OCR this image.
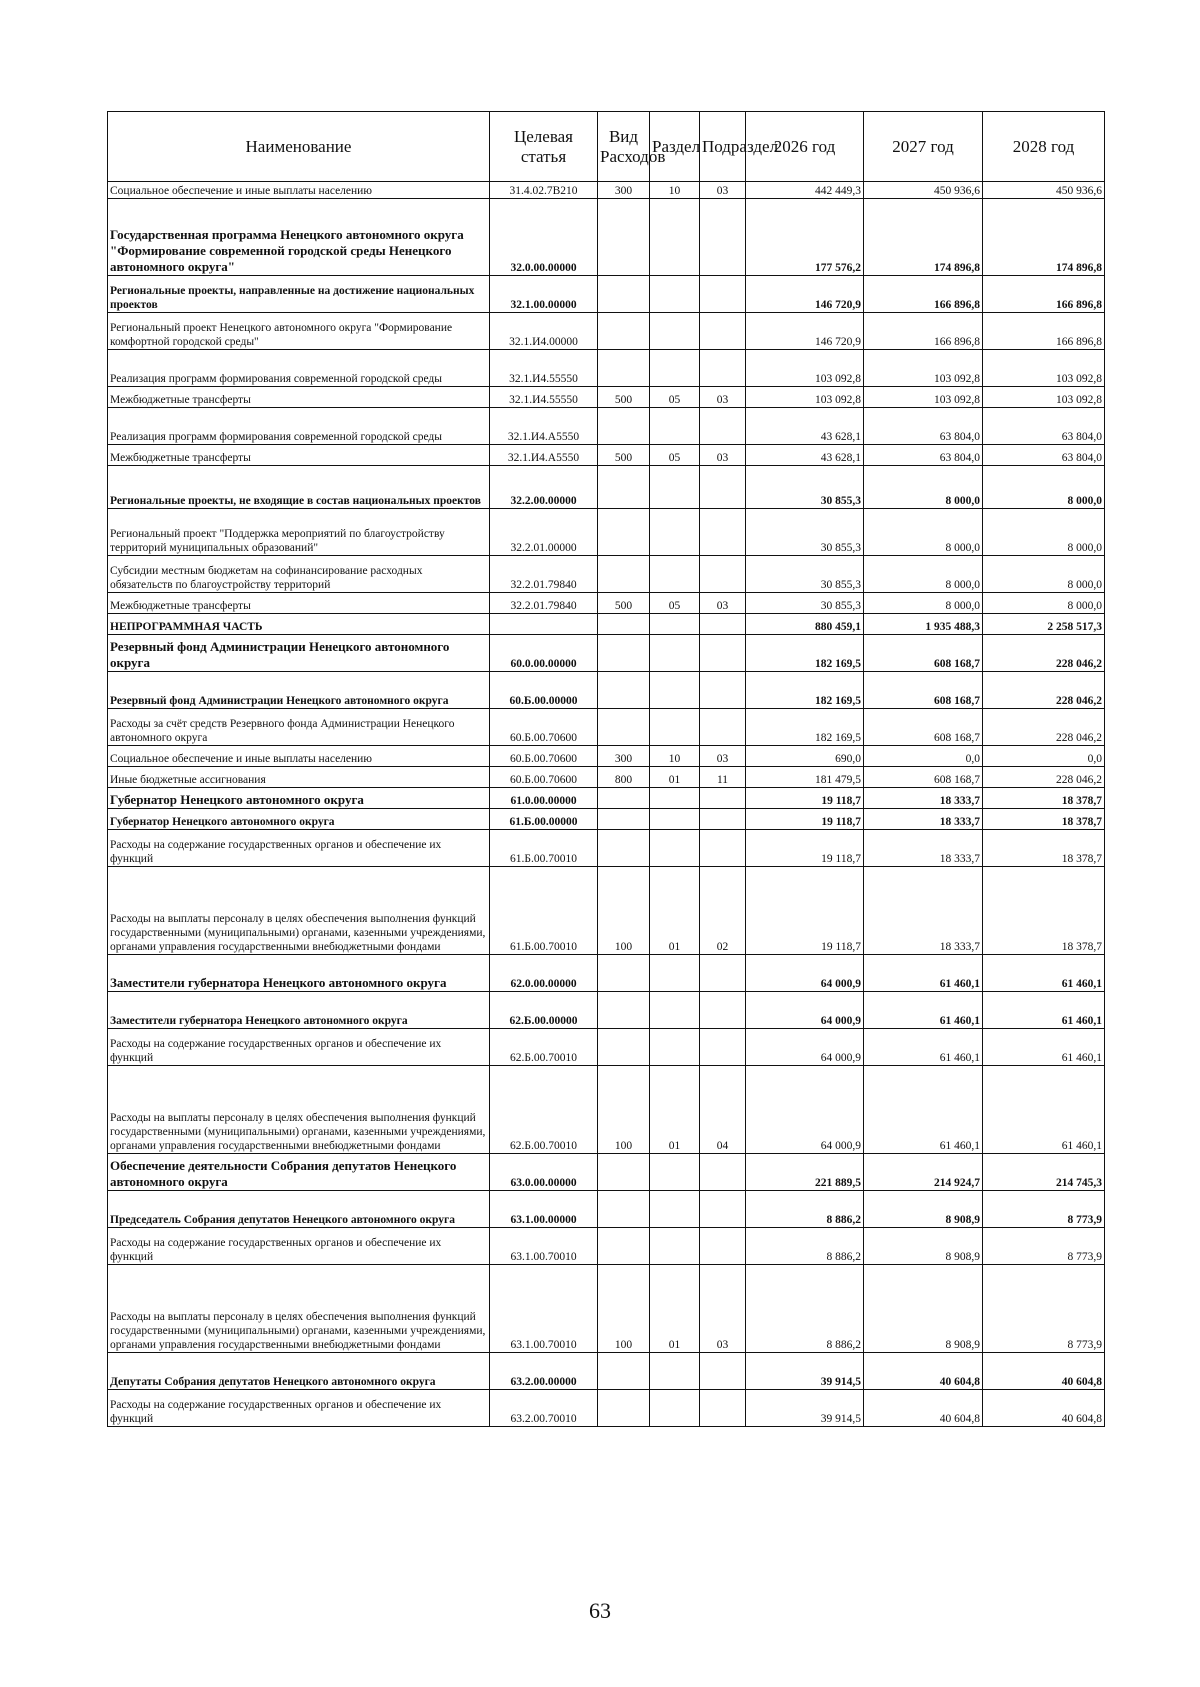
Наименование	Целевая статья	Вид Расходов	Раздел	Подраздел	2026 год	2027 год	2028 год
Социальное обеспечение и иные выплаты населению	31.4.02.7В210	300	10	03	442 449,3	450 936,6	450 936,6
Государственная программа Ненецкого автономного округа "Формирование современной городской среды Ненецкого автономного округа"	32.0.00.00000				177 576,2	174 896,8	174 896,8
Региональные проекты, направленные на достижение национальных проектов	32.1.00.00000				146 720,9	166 896,8	166 896,8
Региональный проект Ненецкого автономного округа "Формирование комфортной городской среды"	32.1.И4.00000				146 720,9	166 896,8	166 896,8
Реализация программ формирования современной городской среды	32.1.И4.55550				103 092,8	103 092,8	103 092,8
Межбюджетные трансферты	32.1.И4.55550	500	05	03	103 092,8	103 092,8	103 092,8
Реализация программ формирования современной городской среды	32.1.И4.А5550				43 628,1	63 804,0	63 804,0
Межбюджетные трансферты	32.1.И4.А5550	500	05	03	43 628,1	63 804,0	63 804,0
Региональные проекты, не входящие в состав национальных проектов	32.2.00.00000				30 855,3	8 000,0	8 000,0
Региональный проект "Поддержка мероприятий по благоустройству территорий муниципальных образований"	32.2.01.00000				30 855,3	8 000,0	8 000,0
Субсидии местным бюджетам на софинансирование расходных обязательств по благоустройству территорий	32.2.01.79840				30 855,3	8 000,0	8 000,0
Межбюджетные трансферты	32.2.01.79840	500	05	03	30 855,3	8 000,0	8 000,0
НЕПРОГРАММНАЯ ЧАСТЬ					880 459,1	1 935 488,3	2 258 517,3
Резервный фонд Администрации Ненецкого автономного округа	60.0.00.00000				182 169,5	608 168,7	228 046,2
Резервный фонд Администрации Ненецкого автономного округа	60.Б.00.00000				182 169,5	608 168,7	228 046,2
Расходы за счёт средств Резервного фонда Администрации Ненецкого автономного округа	60.Б.00.70600				182 169,5	608 168,7	228 046,2
Социальное обеспечение и иные выплаты населению	60.Б.00.70600	300	10	03	690,0	0,0	0,0
Иные бюджетные ассигнования	60.Б.00.70600	800	01	11	181 479,5	608 168,7	228 046,2
Губернатор Ненецкого автономного округа	61.0.00.00000				19 118,7	18 333,7	18 378,7
Губернатор Ненецкого автономного округа	61.Б.00.00000				19 118,7	18 333,7	18 378,7
Расходы на содержание государственных органов и обеспечение их функций	61.Б.00.70010				19 118,7	18 333,7	18 378,7
Расходы на выплаты персоналу в целях обеспечения выполнения функций государственными (муниципальными) органами, казенными учреждениями, органами управления государственными внебюджетными фондами	61.Б.00.70010	100	01	02	19 118,7	18 333,7	18 378,7
Заместители губернатора Ненецкого автономного округа	62.0.00.00000				64 000,9	61 460,1	61 460,1
Заместители губернатора Ненецкого автономного округа	62.Б.00.00000				64 000,9	61 460,1	61 460,1
Расходы на содержание государственных органов и обеспечение их функций	62.Б.00.70010				64 000,9	61 460,1	61 460,1
Расходы на выплаты персоналу в целях обеспечения выполнения функций государственными (муниципальными) органами, казенными учреждениями, органами управления государственными внебюджетными фондами	62.Б.00.70010	100	01	04	64 000,9	61 460,1	61 460,1
Обеспечение деятельности Собрания депутатов Ненецкого автономного округа	63.0.00.00000				221 889,5	214 924,7	214 745,3
Председатель Собрания депутатов Ненецкого автономного округа	63.1.00.00000				8 886,2	8 908,9	8 773,9
Расходы на содержание государственных органов и обеспечение их функций	63.1.00.70010				8 886,2	8 908,9	8 773,9
Расходы на выплаты персоналу в целях обеспечения выполнения функций государственными (муниципальными) органами, казенными учреждениями, органами управления государственными внебюджетными фондами	63.1.00.70010	100	01	03	8 886,2	8 908,9	8 773,9
Депутаты Собрания депутатов Ненецкого автономного округа	63.2.00.00000				39 914,5	40 604,8	40 604,8
Расходы на содержание государственных органов и обеспечение их функций	63.2.00.70010				39 914,5	40 604,8	40 604,8
63
